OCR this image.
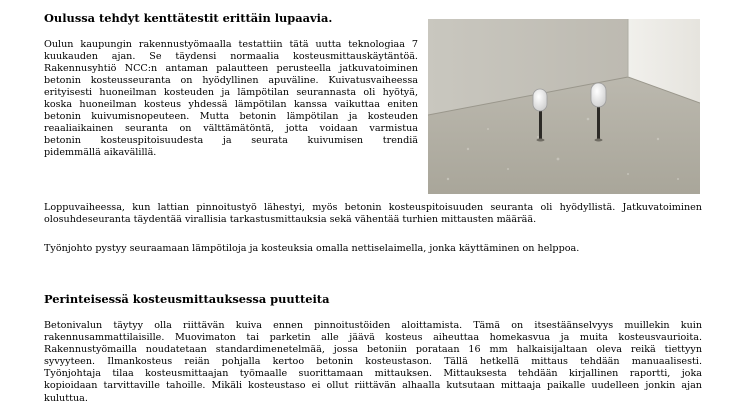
Oulussa tehdyt kenttätestit erittäin lupaavia.
Oulun kaupungin rakennustyömaalla testattiin tätä uutta teknologiaa 7
kuukauden ajan. Se täydensi normaalia kosteusmittauskäytäntöä.
Rakennusyhtiö NCC:n antaman palautteen perusteella jatkuvatoiminen
betonin kosteusseuranta on hyödyllinen apuväline. Kuivatusvaiheessa
erityisesti huoneilman kosteuden ja lämpötilan seurannasta oli hyötyä,
koska huoneilman kosteus yhdessä lämpötilan kanssa vaikuttaa eniten
betonin kuivumisnopeuteen. Mutta betonin lämpötilan ja kosteuden
reaaliaikainen seuranta on välttämätöntä, jotta voidaan varmistua
betonin kosteuspitoisuudesta ja seurata kuivumisen trendiä
pidemmällä aikavälillä.
Loppuvaiheessa, kun lattian pinnoitustyö lähestyi, myös betonin kosteuspitoisuuden seuranta oli hyödyllistä. Jatkuvatoiminen
olosuhdeseuranta täydentää virallisia tarkastusmittauksia sekä vähentää turhien mittausten määrää.
Työnjohto pystyy seuraamaan lämpötiloja ja kosteuksia omalla nettiselaimella, jonka käyttäminen on helppoa.
Perinteisessä kosteusmittauksessa puutteita
Betonivalun täytyy olla riittävän kuiva ennen pinnoitustöiden aloittamista. Tämä on itsestäänselvyys muillekin kuin
rakennusammattilaisille. Muovimaton tai parketin alle jäävä kosteus aiheuttaa homekasvua ja muita kosteusvaurioita.
Rakennustyömailla noudatetaan standardimenetelmää, jossa betoniin porataan 16 mm halkaisijaltaan oleva reikä tiettyyn
syvyyteen. Ilmankosteus reiän pohjalla kertoo betonin kosteustason. Tällä hetkellä mittaus tehdään manuaalisesti.
Työnjohtaja tilaa kosteusmittaajan työmaalle suorittamaan mittauksen. Mittauksesta tehdään kirjallinen raportti, joka
kopioidaan tarvittaville tahoille. Mikäli kosteustaso ei ollut riittävän alhaalla kutsutaan mittaaja paikalle uudelleen jonkin ajan
kuluttua.
